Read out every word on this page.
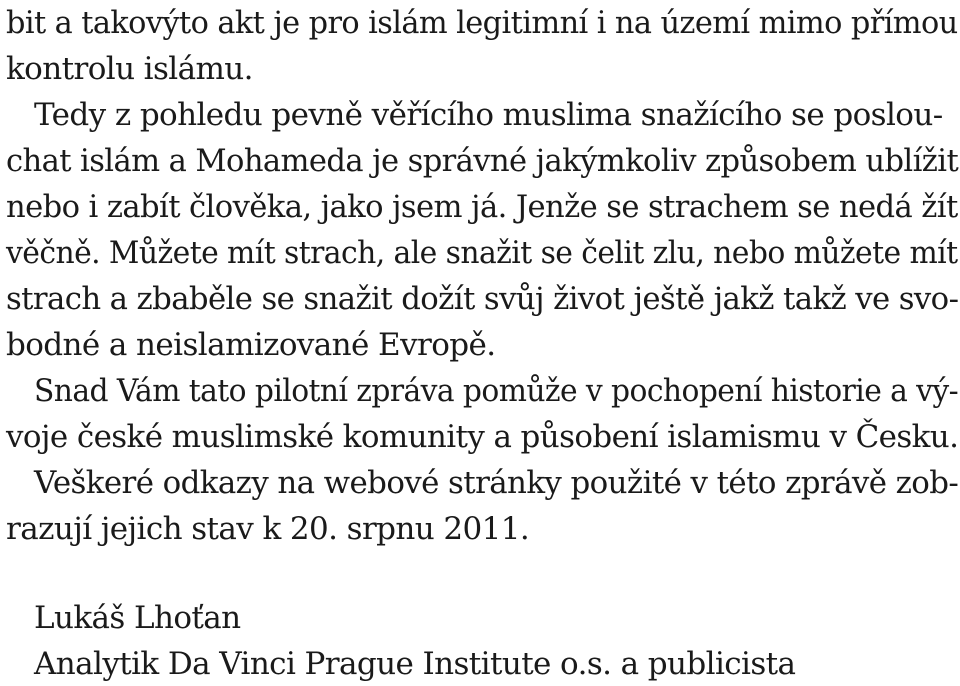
bit a takovýto akt je pro islám legitimní i na území mimo přímou
kontrolu islámu.
Tedy z pohledu pevně věřícího muslima snažícího se poslou-
chat islám a Mohameda je správné jakýmkoliv způsobem ublížit
nebo i zabít člověka, jako jsem já. Jenže se strachem se nedá žít
věčně. Můžete mít strach, ale snažit se čelit zlu, nebo můžete mít
strach a zbaběle se snažit dožít svůj život ještě jakž takž ve svo-
bodné a neislamizované Evropě.
Snad Vám tato pilotní zpráva pomůže v pochopení historie a vý-
voje české muslimské komunity a působení islamismu v Česku.
Veškeré odkazy na webové stránky použité v této zprávě zob-
razují jejich stav k 20. srpnu 2011.
Lukáš Lhoťan
Analytik Da Vinci Prague Institute o.s. a publicista
